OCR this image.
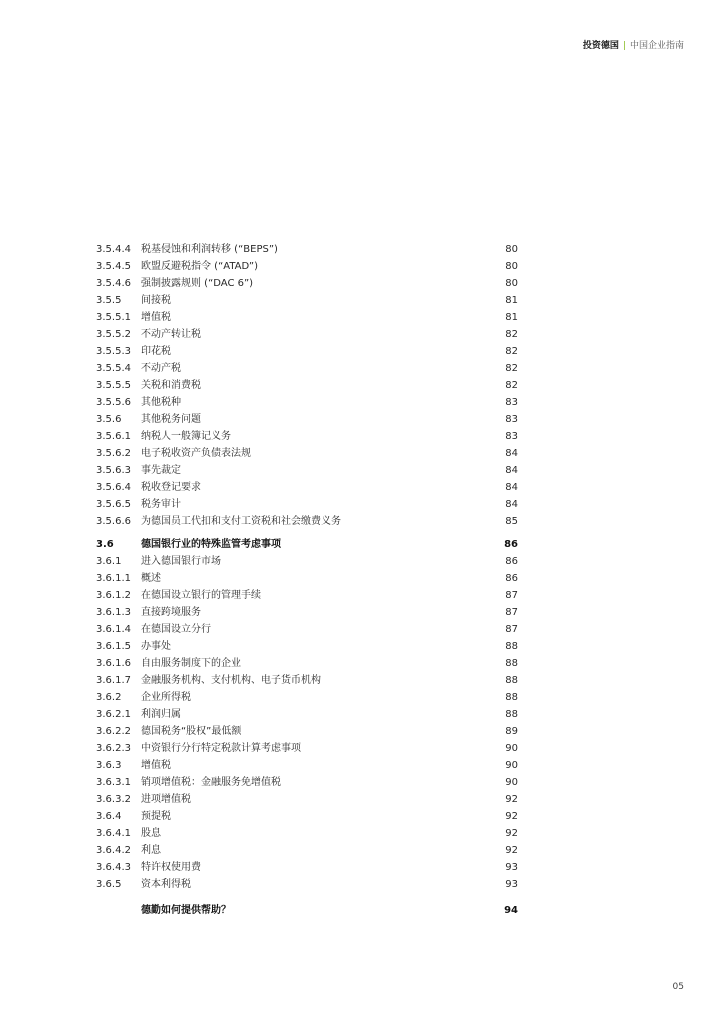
投资德国 | 中国企业指南
3.5.4.4 税基侵蚀和利润转移 (“BEPS”)	80
3.5.4.5 欧盟反避税指令 (“ATAD”)	80
3.5.4.6 强制披露规则 (“DAC 6”)	80
3.5.5 间接税	81
3.5.5.1 增值税	81
3.5.5.2 不动产转让税	82
3.5.5.3 印花税	82
3.5.5.4 不动产税	82
3.5.5.5 关税和消费税	82
3.5.5.6 其他税种	83
3.5.6 其他税务问题	83
3.5.6.1 纳税人一般簿记义务	83
3.5.6.2 电子税收资产负债表法规	84
3.5.6.3 事先裁定	84
3.5.6.4 税收登记要求	84
3.5.6.5 税务审计	84
3.5.6.6 为德国员工代扣和支付工资税和社会缴费义务	85
3.6	德国银行业的特殊监管考虑事项	86
3.6.1 进入德国银行市场	86
3.6.1.1 概述	86
3.6.1.2 在德国设立银行的管理手续	87
3.6.1.3 直接跨境服务	87
3.6.1.4 在德国设立分行	87
3.6.1.5 办事处	88
3.6.1.6 自由服务制度下的企业	88
3.6.1.7 金融服务机构、支付机构、电子货币机构	88
3.6.2 企业所得税	88
3.6.2.1 利润归属	88
3.6.2.2 德国税务“股权”最低额	89
3.6.2.3 中资银行分行特定税款计算考虑事项	90
3.6.3 增值税	90
3.6.3.1 销项增值税：金融服务免增值税	90
3.6.3.2 进项增值税	92
3.6.4 预提税	92
3.6.4.1 股息	92
3.6.4.2 利息	92
3.6.4.3 特许权使用费	93
3.6.5 资本利得税	93
德勤如何提供帮助？	94
05
